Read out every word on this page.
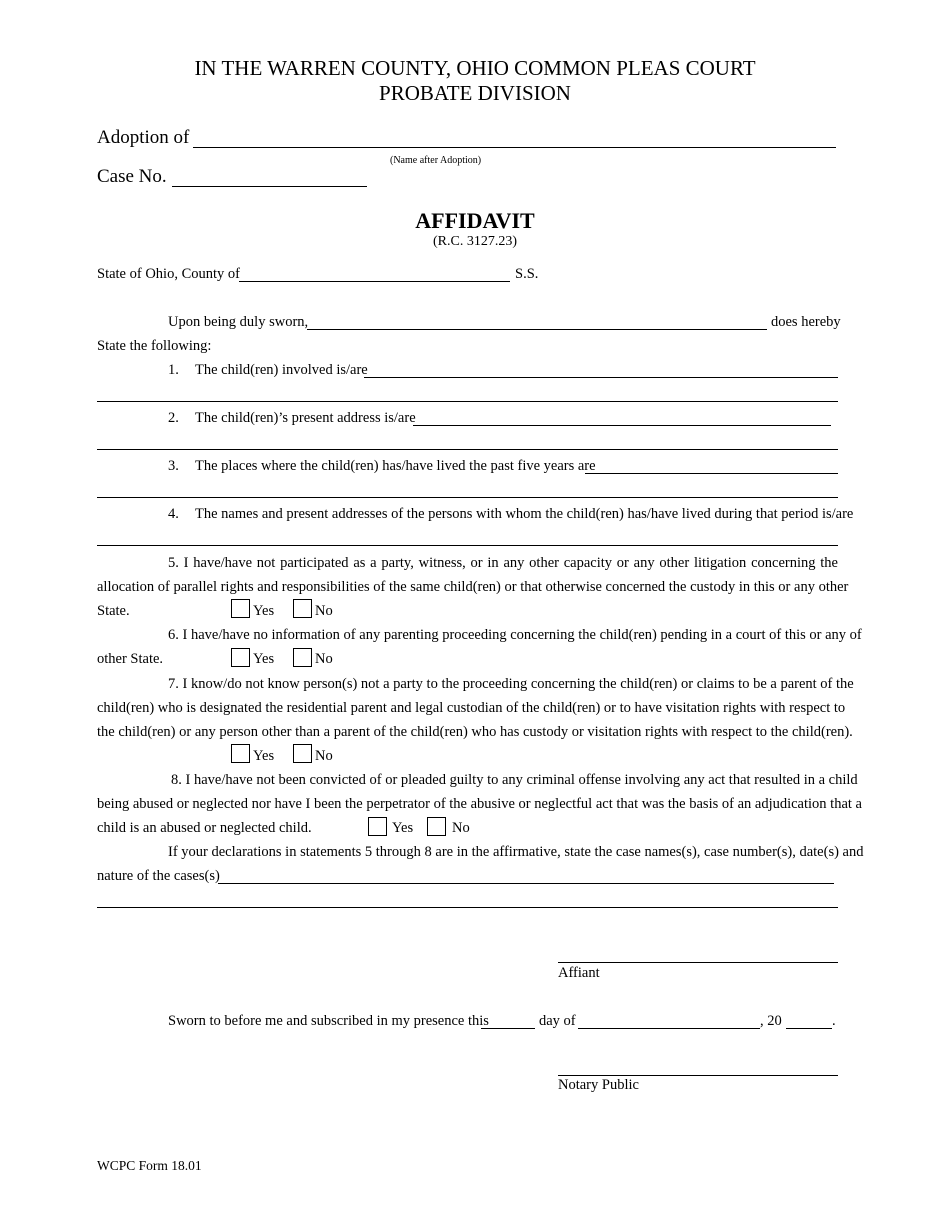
IN THE WARREN COUNTY, OHIO COMMON PLEAS COURT
PROBATE DIVISION
Adoption of
(Name after Adoption)
Case No.
AFFIDAVIT
(R.C. 3127.23)
State of Ohio, County of	S.S.
Upon being duly sworn,	does hereby
State the following:
1. The child(ren) involved is/are
2. The child(ren)’s present address is/are
3. The places where the child(ren) has/have lived the past five years are
4. The names and present addresses of the persons with whom the child(ren) has/have lived during that period is/are
5. I have/have not participated as a party, witness, or in any other capacity or any other litigation concerning the
allocation of parallel rights and responsibilities of the same child(ren) or that otherwise concerned the custody in this or any other
State.	Yes	No
6. I have/have no information of any parenting proceeding concerning the child(ren) pending in a court of this or any of
other State.	Yes	No
7. I know/do not know person(s) not a party to the proceeding concerning the child(ren) or claims to be a parent of the
child(ren) who is designated the residential parent and legal custodian of the child(ren) or to have visitation rights with respect to
the child(ren) or any person other than a parent of the child(ren) who has custody or visitation rights with respect to the child(ren).
Yes	No
8. I have/have not been convicted of or pleaded guilty to any criminal offense involving any act that resulted in a child
being abused or neglected nor have I been the perpetrator of the abusive or neglectful act that was the basis of an adjudication that a
child is an abused or neglected child.	Yes	No
If your declarations in statements 5 through 8 are in the affirmative, state the case names(s), case number(s), date(s) and
nature of the cases(s)
Affiant
Sworn to before me and subscribed in my presence this	day of	, 20	.
Notary Public
WCPC Form 18.01
